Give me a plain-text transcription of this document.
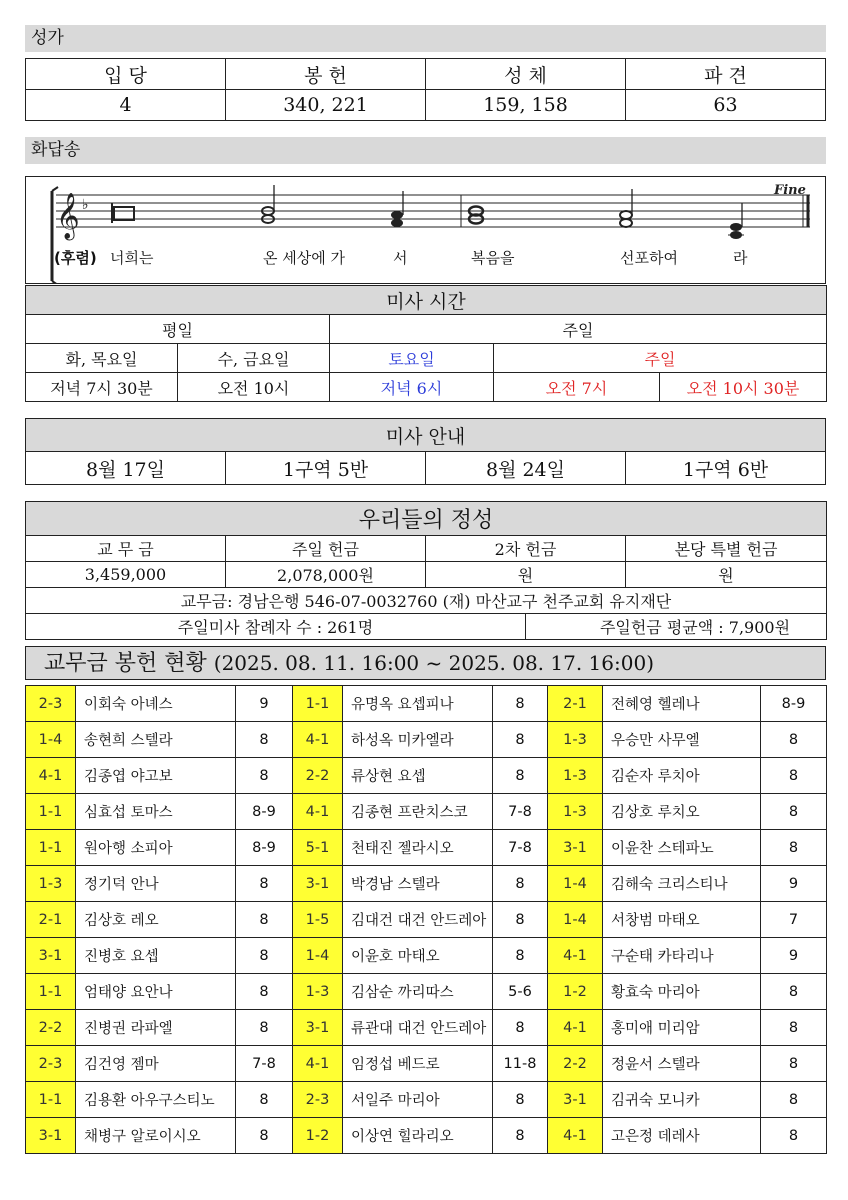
성가
입 당	봉 헌	성 체	파 견
4	340, 221	159, 158	63
화답송
𝄞 ♭
Fine
(후렴) 너희는	온 세상에 가	서	복음을	선포하여	라
미사 시간				
평일		주일		
화, 목요일	수, 금요일	토요일	주일	
저녁 7시 30분	오전 10시	저녁 6시	오전 7시	오전 10시 30분
미사 안내
8월 17일	1구역 5반	8월 24일	1구역 6반
우리들의 정성				
교 무 금	주일 헌금	2차 헌금		본당 특별 헌금
3,459,000	2,078,000원	원		원
교무금: 경남은행 546-07-0032760 (재) 마산교구 천주교회 유지재단				
주일미사 참례자 수 : 261명			주일헌금 평균액 : 7,900원	
교무금 봉헌 현황 (2025. 08. 11. 16:00 ~ 2025. 08. 17. 16:00)
2-3	이회숙 아녜스	9	1-1	유명옥 요셉피나	8	2-1	전혜영 헬레나	8-9
1-4	송현희 스텔라	8	4-1	하성옥 미카엘라	8	1-3	우승만 사무엘	8
4-1	김종엽 야고보	8	2-2	류상현 요셉	8	1-3	김순자 루치아	8
1-1	심효섭 토마스	8-9	4-1	김종현 프란치스코	7-8	1-3	김상호 루치오	8
1-1	원아행 소피아	8-9	5-1	천태진 젤라시오	7-8	3-1	이윤찬 스테파노	8
1-3	정기덕 안나	8	3-1	박경남 스텔라	8	1-4	김해숙 크리스티나	9
2-1	김상호 레오	8	1-5	김대건 대건 안드레아	8	1-4	서창범 마태오	7
3-1	진병호 요셉	8	1-4	이윤호 마태오	8	4-1	구순태 카타리나	9
1-1	엄태양 요안나	8	1-3	김삼순 까리따스	5-6	1-2	황효숙 마리아	8
2-2	진병권 라파엘	8	3-1	류관대 대건 안드레아	8	4-1	홍미애 미리암	8
2-3	김건영 젬마	7-8	4-1	임정섭 베드로	11-8	2-2	정윤서 스텔라	8
1-1	김용환 아우구스티노	8	2-3	서일주 마리아	8	3-1	김귀숙 모니카	8
3-1	채병구 알로이시오	8	1-2	이상연 힐라리오	8	4-1	고은정 데레사	8
